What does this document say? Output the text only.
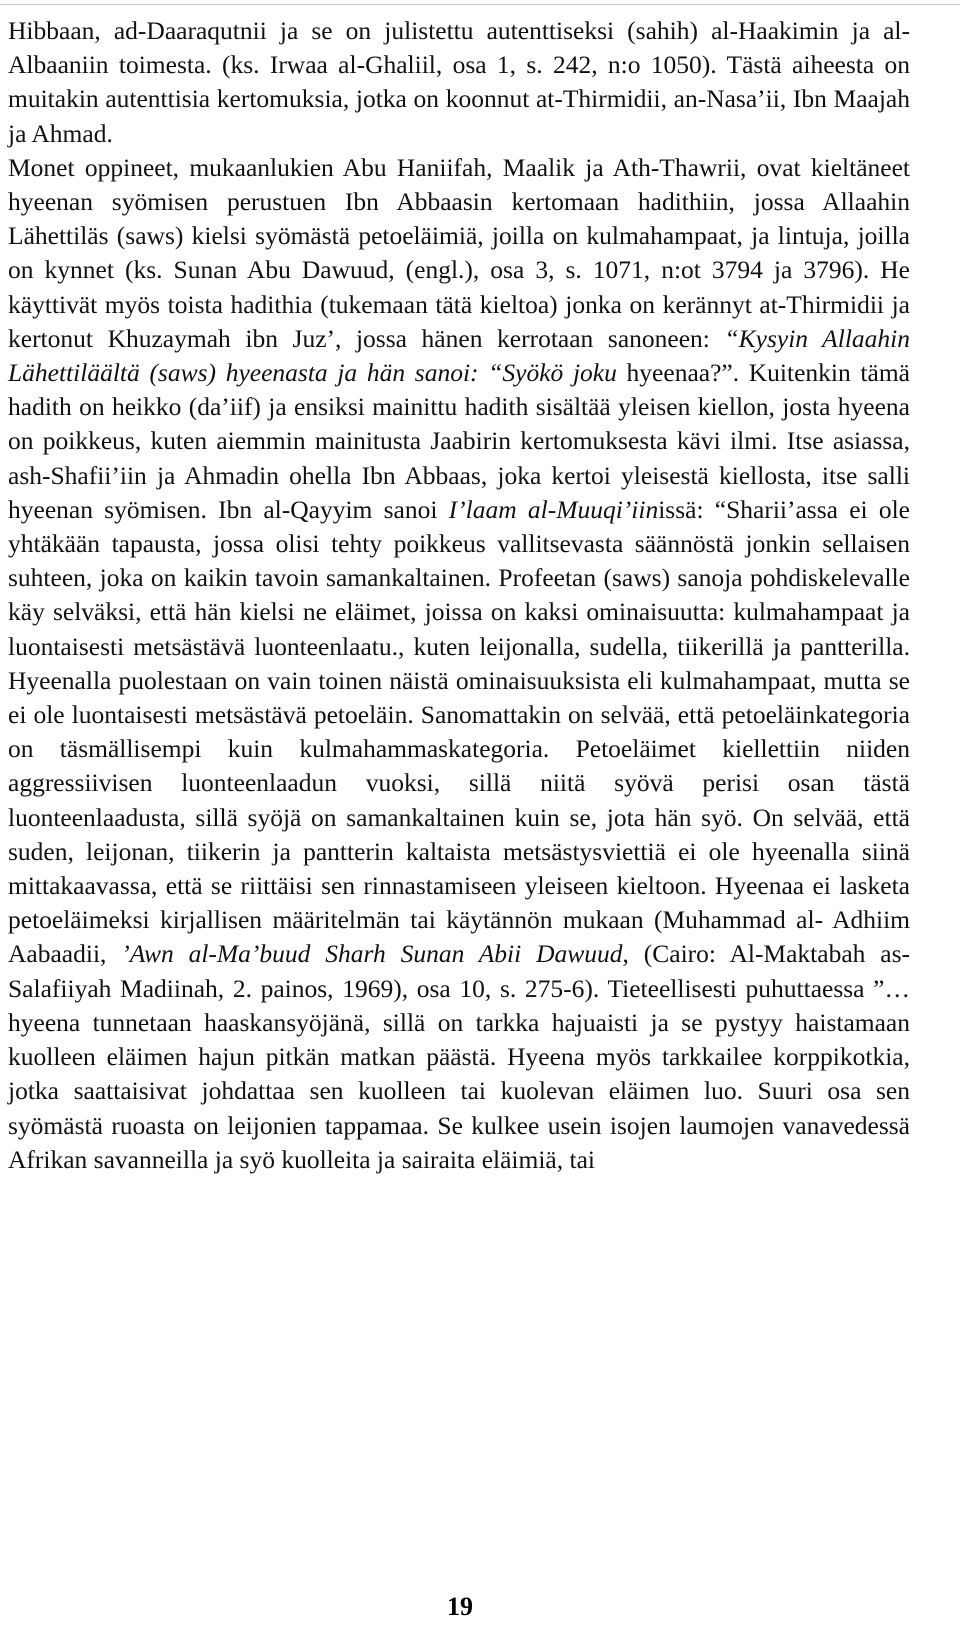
Hibbaan, ad-Daaraqutnii ja se on julistettu autenttiseksi (sahih) al-Haakimin ja al-Albaaniin toimesta. (ks. Irwaa al-Ghaliil, osa 1, s. 242, n:o 1050). Tästä aiheesta on muitakin autenttisia kertomuksia, jotka on koonnut at-Thirmidii, an-Nasa’ii, Ibn Maajah ja Ahmad.

Monet oppineet, mukaanlukien Abu Haniifah, Maalik ja Ath-Thawrii, ovat kieltäneet hyeenan syömisen perustuen Ibn Abbaasin kertomaan hadithiin, jossa Allaahin Lähettiläs (saws) kielsi syömästä petoeläimiä, joilla on kulmahampaat, ja lintuja, joilla on kynnet (ks. Sunan Abu Dawuud, (engl.), osa 3, s. 1071, n:ot 3794 ja 3796). He käyttivät myös toista hadithia (tukemaan tätä kieltoa) jonka on kerännyt at-Thirmidii ja kertonut Khuzaymah ibn Juz’, jossa hänen kerrotaan sanoneen: “Kysyin Allaahin Lähettiläältä (saws) hyeenasta ja hän sanoi: “Syökö joku hyeenaa?”. Kuitenkin tämä hadith on heikko (da’iif) ja ensiksi mainittu hadith sisältää yleisen kiellon, josta hyeena on poikkeus, kuten aiemmin mainitusta Jaabirin kertomuksesta kävi ilmi. Itse asiassa, ash-Shafii’iin ja Ahmadin ohella Ibn Abbaas, joka kertoi yleisestä kiellosta, itse salli hyeenan syömisen. Ibn al-Qayyim sanoi I’laam al-Muuqi’iinissä: “Sharii’assa ei ole yhtäkään tapausta, jossa olisi tehty poikkeus vallitsevasta säännöstä jonkin sellaisen suhteen, joka on kaikin tavoin samankaltainen. Profeetan (saws) sanoja pohdiskelevalle käy selväksi, että hän kielsi ne eläimet, joissa on kaksi ominaisuutta: kulmahampaat ja luontaisesti metsästävä luonteenlaatu., kuten leijonalla, sudella, tiikerillä ja pantterilla. Hyeenalla puolestaan on vain toinen näistä ominaisuuksista eli kulmahampaat, mutta se ei ole luontaisesti metsästävä petoeläin. Sanomattakin on selvää, että petoeläinkategoria on täsmällisempi kuin kulmahammaskategoria. Petoeläimet kiellettiin niiden aggressiivisen luonteenlaadun vuoksi, sillä niitä syövä perisi osan tästä luonteenlaadusta, sillä syöjä on samankaltainen kuin se, jota hän syö. On selvää, että suden, leijonan, tiikerin ja pantterin kaltaista metsästysviettiä ei ole hyeenalla siinä mittakaavassa, että se riittäisi sen rinnastamiseen yleiseen kieltoon. Hyeenaa ei lasketa petoeläimeksi kirjallisen määritelmän tai käytännön mukaan (Muhammad al- Adhiim Aabaadii, ’Awn al-Ma’buud Sharh Sunan Abii Dawuud, (Cairo: Al-Maktabah as-Salafiiyah Madiinah, 2. painos, 1969), osa 10, s. 275-6). Tieteellisesti puhuttaessa ”…hyeena tunnetaan haaskansyöjänä, sillä on tarkka hajuaisti ja se pystyy haistamaan kuolleen eläimen hajun pitkän matkan päästä. Hyeena myös tarkkailee korppikotkia, jotka saattaisivat johdattaa sen kuolleen tai kuolevan eläimen luo. Suuri osa sen syömästä ruoasta on leijonien tappamaa. Se kulkee usein isojen laumojen vanavedessä Afrikan savanneilla ja syö kuolleita ja sairaita eläimiä, tai

19
